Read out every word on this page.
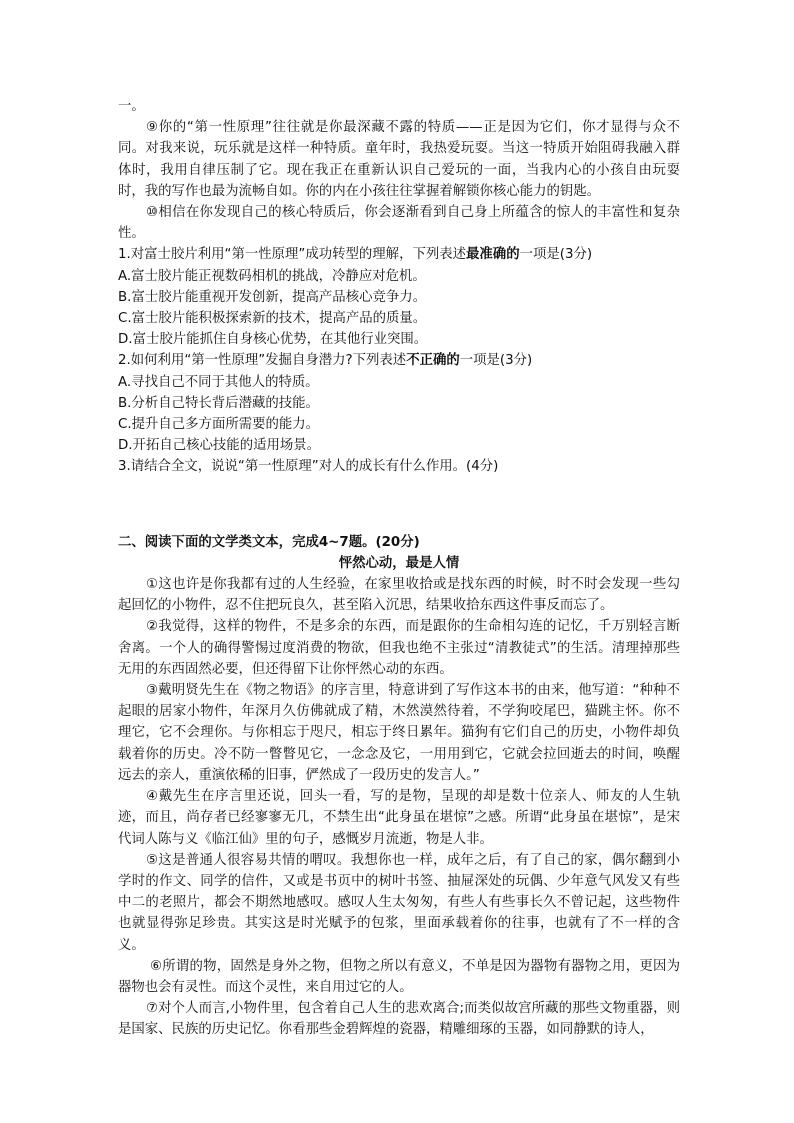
一。

⑨你的“第一性原理”往往就是你最深藏不露的特质——正是因为它们，你才显得与众不同。对我来说，玩乐就是这样一种特质。童年时，我热爱玩耍。当这一特质开始阻碍我融入群体时，我用自律压制了它。现在我正在重新认识自己爱玩的一面，当我内心的小孩自由玩耍时，我的写作也最为流畅自如。你的内在小孩往往掌握着解锁你核心能力的钥匙。

⑩相信在你发现自己的核心特质后，你会逐渐看到自己身上所蕴含的惊人的丰富性和复杂性。

1.对富士胶片利用“第一性原理”成功转型的理解，下列表述最准确的一项是(3分)

A.富士胶片能正视数码相机的挑战，冷静应对危机。

B.富士胶片能重视开发创新，提高产品核心竞争力。

C.富士胶片能积极探索新的技术，提高产品的质量。

D.富士胶片能抓住自身核心优势，在其他行业突围。

2.如何利用“第一性原理”发掘自身潜力?下列表述不正确的一项是(3分)

A.寻找自己不同于其他人的特质。

B.分析自己特长背后潜藏的技能。

C.提升自己多方面所需要的能力。

D.开拓自己核心技能的适用场景。

3.请结合全文，说说“第一性原理”对人的成长有什么作用。(4分)

二、阅读下面的文学类文本，完成4~7题。(20分)

怦然心动，最是人情

①这也许是你我都有过的人生经验，在家里收拾或是找东西的时候，时不时会发现一些勾起回忆的小物件，忍不住把玩良久，甚至陷入沉思，结果收拾东西这件事反而忘了。

②我觉得，这样的物件，不是多余的东西，而是跟你的生命相勾连的记忆，千万别轻言断舍离。一个人的确得警惕过度消费的物欲，但我也绝不主张过“清教徒式”的生活。清理掉那些无用的东西固然必要，但还得留下让你怦然心动的东西。

③戴明贤先生在《物之物语》的序言里，特意讲到了写作这本书的由来，他写道：“种种不起眼的居家小物件，年深月久仿佛就成了精，木然漠然待着，不学狗咬尾巴，猫跳主怀。你不理它，它不会理你。与你相忘于咫尺，相忘于终日累年。猫狗有它们自己的历史，小物件却负载着你的历史。冷不防一瞥瞥见它，一念念及它，一用用到它，它就会拉回逝去的时间，唤醒远去的亲人，重演依稀的旧事，俨然成了一段历史的发言人。”

④戴先生在序言里还说，回头一看，写的是物，呈现的却是数十位亲人、师友的人生轨迹，而且，尚存者已经寥寥无几，不禁生出“此身虽在堪惊”之感。所谓“此身虽在堪惊”，是宋代词人陈与义《临江仙》里的句子，感慨岁月流逝，物是人非。

⑤这是普通人很容易共情的喟叹。我想你也一样，成年之后，有了自己的家，偶尔翻到小学时的作文、同学的信件，又或是书页中的树叶书签、抽屉深处的玩偶、少年意气风发又有些中二的老照片，都会不期然地感叹。感叹人生太匆匆，有些人有些事长久不曾记起，这些物件也就显得弥足珍贵。其实这是时光赋予的包浆，里面承载着你的往事，也就有了不一样的含义。

⑥所谓的物，固然是身外之物，但物之所以有意义，不单是因为器物有器物之用，更因为器物也会有灵性。而这个灵性，来自用过它的人。

⑦对个人而言,小物件里，包含着自己人生的悲欢离合;而类似故宫所藏的那些文物重器，则是国家、民族的历史记忆。你看那些金碧辉煌的瓷器，精雕细琢的玉器，如同静默的诗人，
